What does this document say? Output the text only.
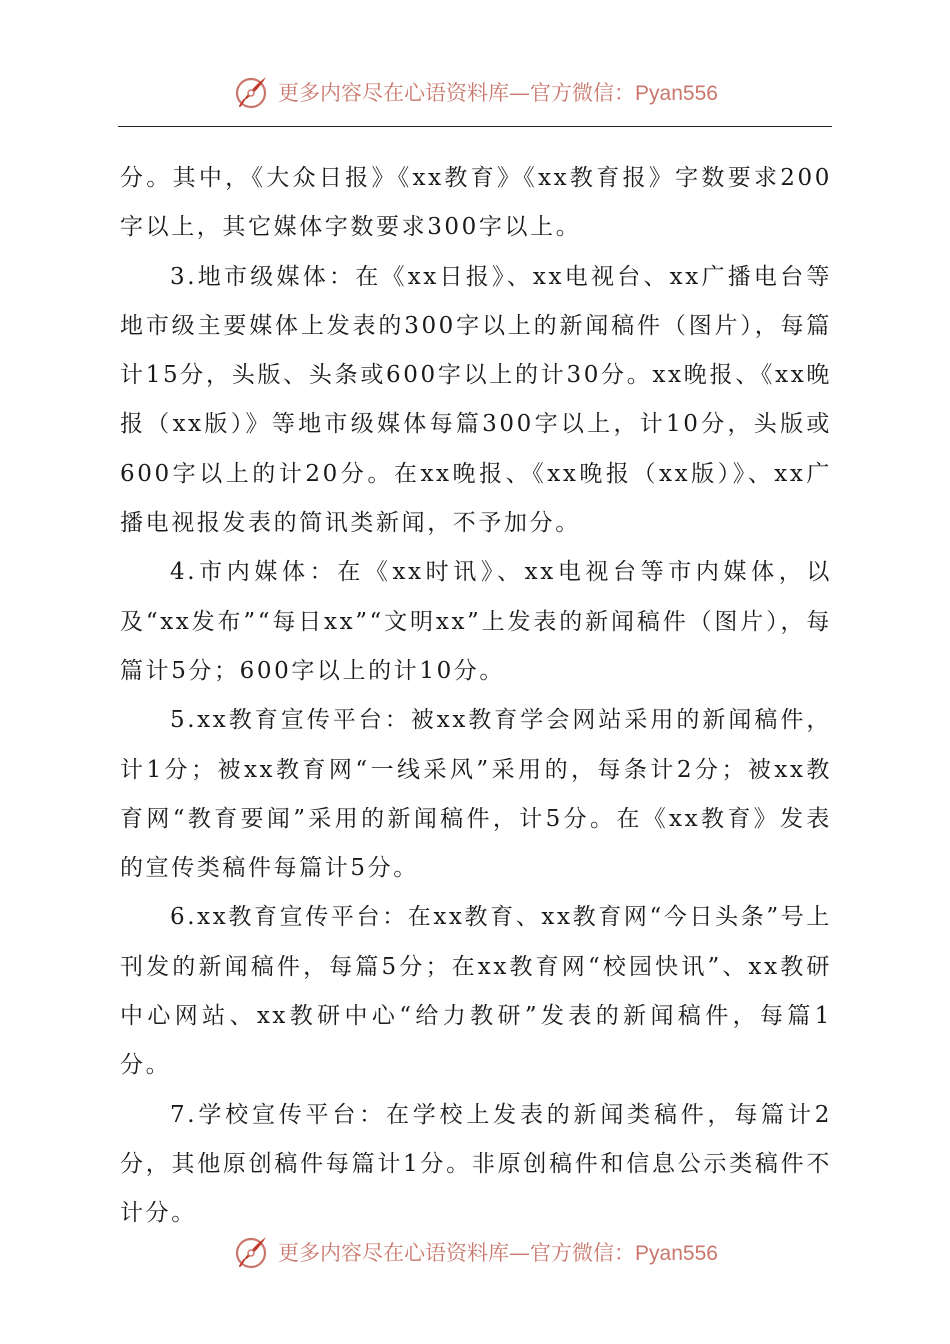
更多内容尽在心语资料库—官方微信：Pyan556

分。其中，《大众日报》《xx教育》《xx教育报》字数要求200字以上，其它媒体字数要求300字以上。

3.地市级媒体：在《xx日报》、xx电视台、xx广播电台等地市级主要媒体上发表的300字以上的新闻稿件（图片），每篇计15分，头版、头条或600字以上的计30分。xx晚报、《xx晚报（xx版）》等地市级媒体每篇300字以上，计10分，头版或600字以上的计20分。在xx晚报、《xx晚报（xx版）》、xx广播电视报发表的简讯类新闻，不予加分。

4.市内媒体：在《xx时讯》、xx电视台等市内媒体，以及“xx发布”“每日xx”“文明xx”上发表的新闻稿件（图片），每篇计5分；600字以上的计10分。

5.xx教育宣传平台：被xx教育学会网站采用的新闻稿件，计1分；被xx教育网“一线采风”采用的，每条计2分；被xx教育网“教育要闻”采用的新闻稿件，计5分。在《xx教育》发表的宣传类稿件每篇计5分。

6.xx教育宣传平台：在xx教育、xx教育网“今日头条”号上刊发的新闻稿件，每篇5分；在xx教育网“校园快讯”、xx教研中心网站、xx教研中心“给力教研”发表的新闻稿件，每篇1分。

7.学校宣传平台：在学校上发表的新闻类稿件，每篇计2分，其他原创稿件每篇计1分。非原创稿件和信息公示类稿件不计分。

更多内容尽在心语资料库—官方微信：Pyan556
